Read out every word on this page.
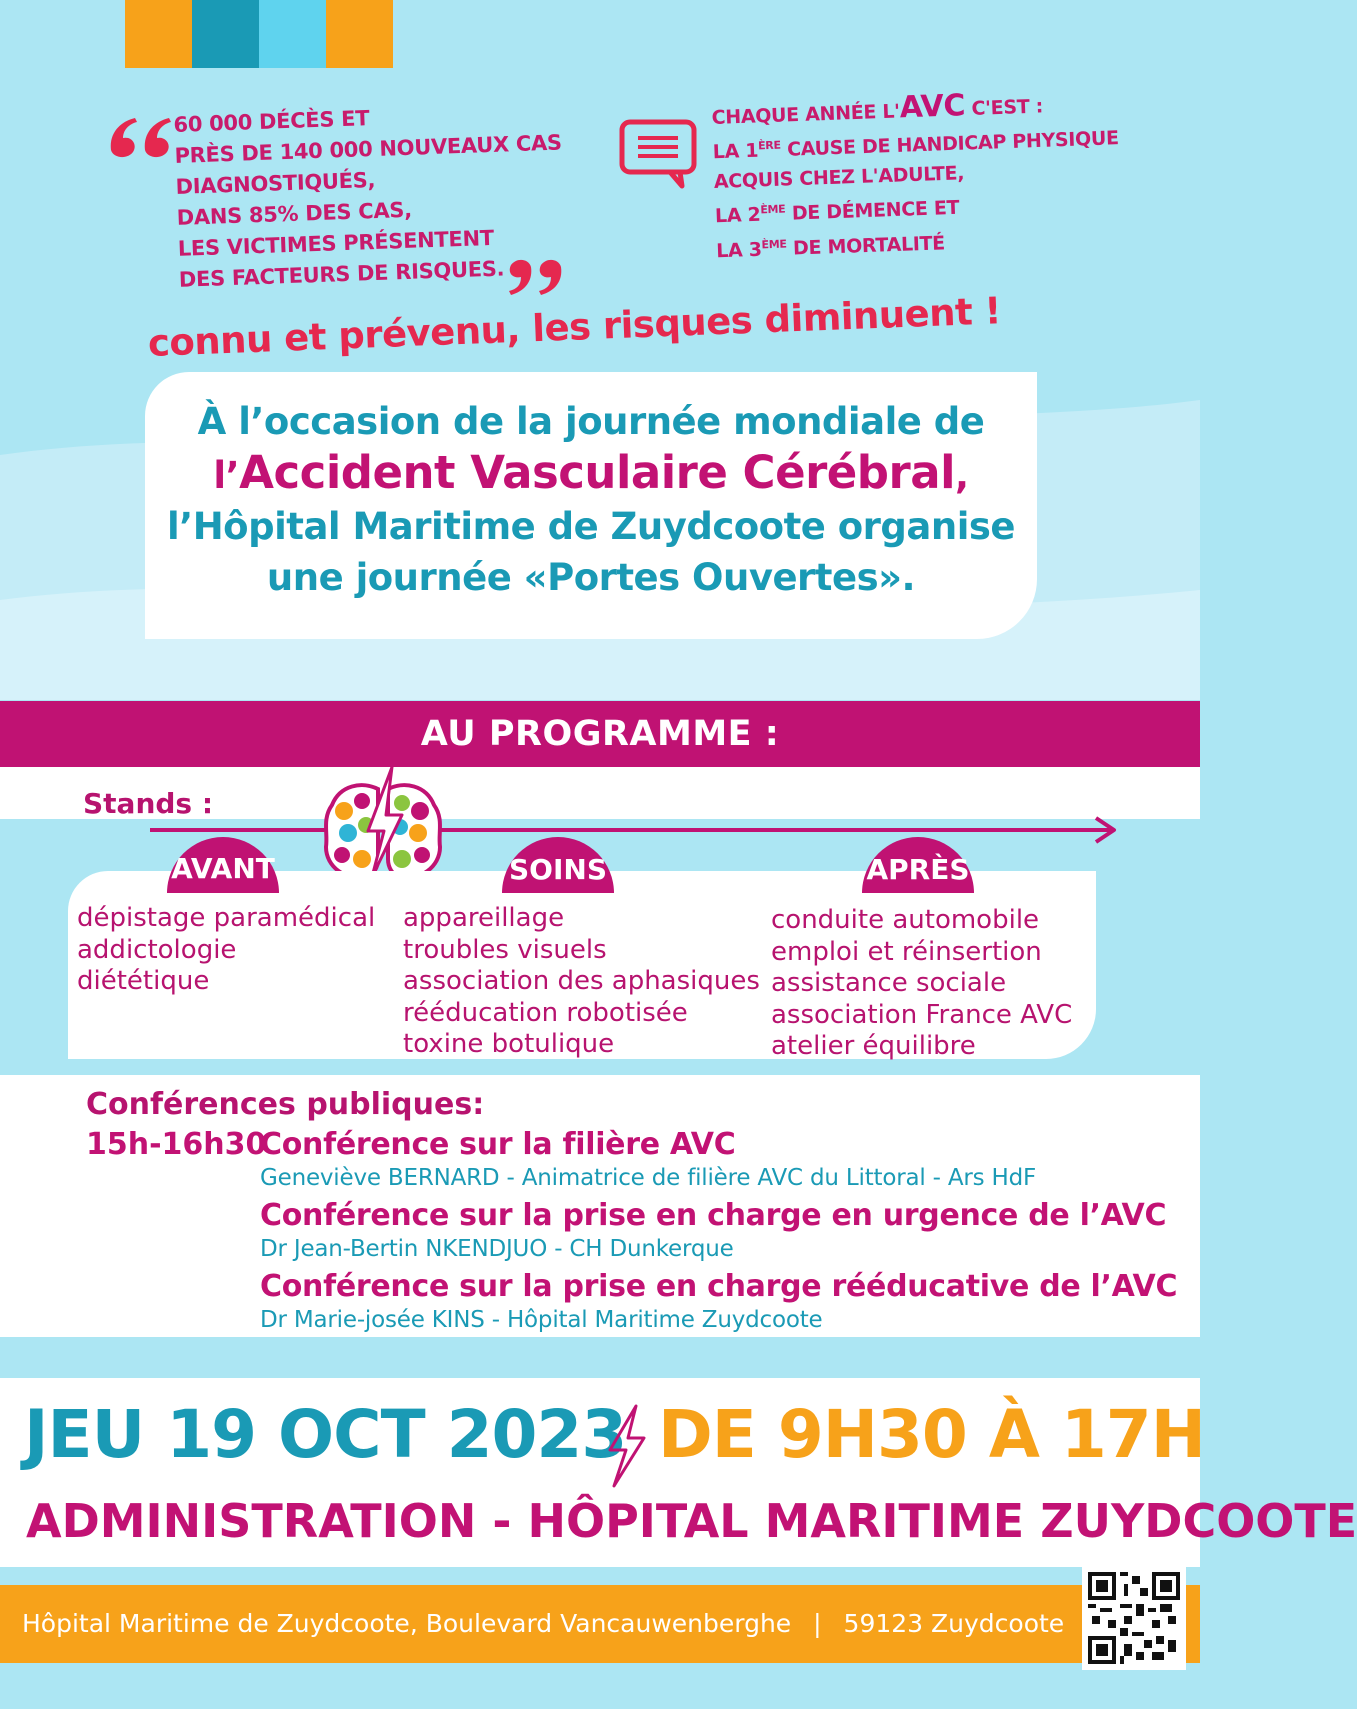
60 000 DÉCÈS ET
PRÈS DE 140 000 NOUVEAUX CAS
DIAGNOSTIQUÉS,
DANS 85% DES CAS,
LES VICTIMES PRÉSENTENT
DES FACTEURS DE RISQUES.
CHAQUE ANNÉE L'AVC C'EST :
LA 1ÈRE CAUSE DE HANDICAP PHYSIQUE
ACQUIS CHEZ L'ADULTE,
LA 2ÈME DE DÉMENCE ET
LA 3ÈME DE MORTALITÉ
connu et prévenu, les risques diminuent !
À l’occasion de la journée mondiale de
l’Accident Vasculaire Cérébral,
l’Hôpital Maritime de Zuydcoote organise
une journée «Portes Ouvertes».
AU PROGRAMME :
Stands :
AVANT	SOINS	APRÈS
dépistage paramédical
addictologie
diététique
appareillage
troubles visuels
association des aphasiques
rééducation robotisée
toxine botulique
conduite automobile
emploi et réinsertion
assistance sociale
association France AVC
atelier équilibre
Conférences publiques:
15h-16h30
Conférence sur la filière AVC
Geneviève BERNARD - Animatrice de filière AVC du Littoral - Ars HdF
Conférence sur la prise en charge en urgence de l’AVC
Dr Jean-Bertin NKENDJUO - CH Dunkerque
Conférence sur la prise en charge rééducative de l’AVC
Dr Marie-josée KINS - Hôpital Maritime Zuydcoote
JEU 19 OCT 2023 DE 9H30 À 17H
ADMINISTRATION - HÔPITAL MARITIME ZUYDCOOTE
Hôpital Maritime de Zuydcoote, Boulevard Vancauwenberghe | 59123 Zuydcoote
